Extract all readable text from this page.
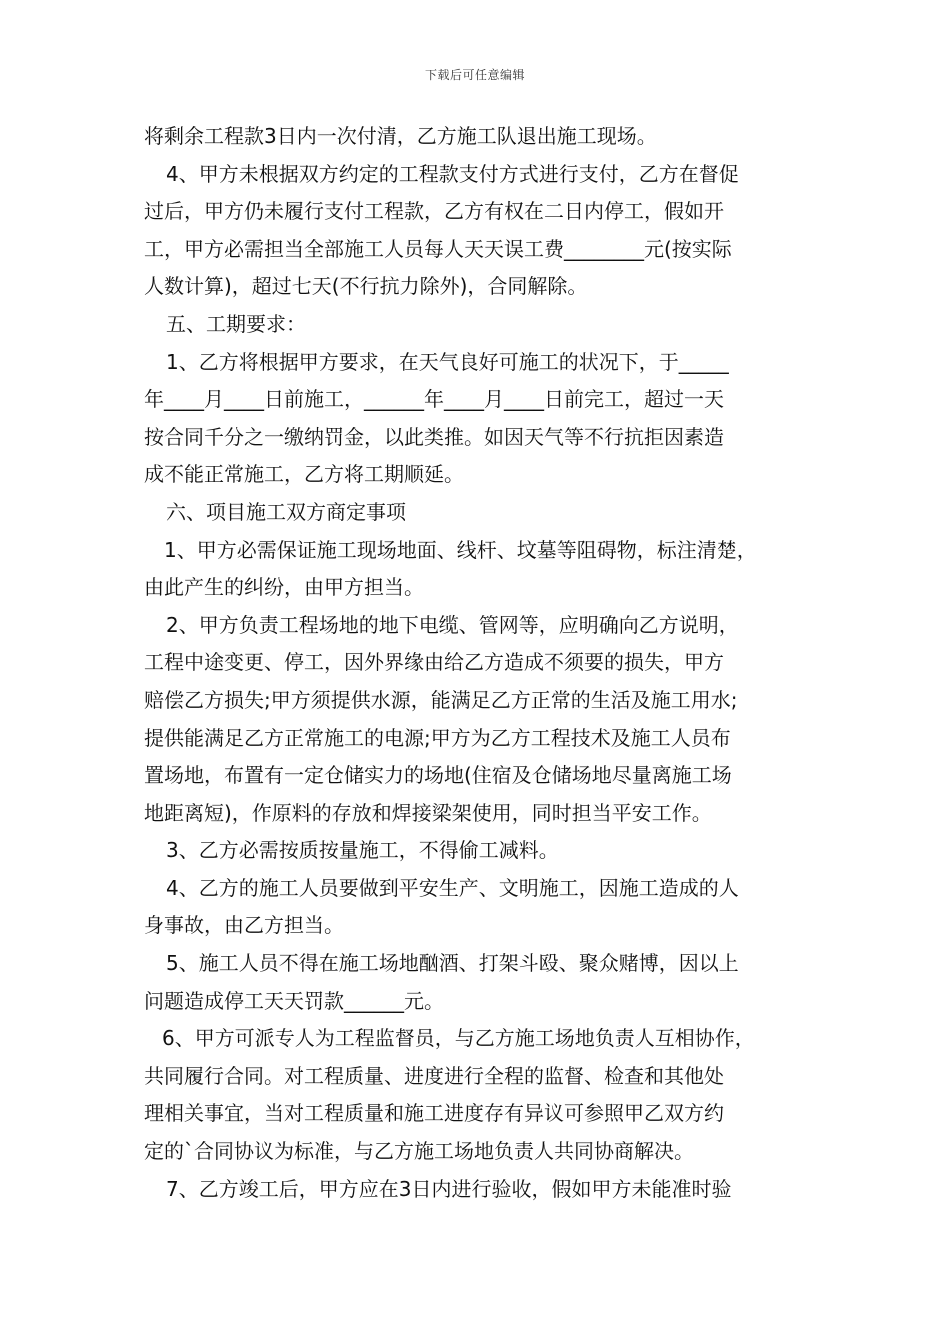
下载后可任意编辑
将剩余工程款3日内一次付清，乙方施工队退出施工现场。
4、甲方未根据双方约定的工程款支付方式进行支付，乙方在督促
过后，甲方仍未履行支付工程款，乙方有权在二日内停工，假如开
工，甲方必需担当全部施工人员每人天天误工费________元(按实际
人数计算)，超过七天(不行抗力除外)，合同解除。
五、工期要求：
1、乙方将根据甲方要求，在天气良好可施工的状况下，于_____
年____月____日前施工，______年____月____日前完工，超过一天
按合同千分之一缴纳罚金，以此类推。如因天气等不行抗拒因素造
成不能正常施工，乙方将工期顺延。
六、项目施工双方商定事项
1、甲方必需保证施工现场地面、线杆、坟墓等阻碍物，标注清楚，
由此产生的纠纷，由甲方担当。
2、甲方负责工程场地的地下电缆、管网等，应明确向乙方说明，
工程中途变更、停工，因外界缘由给乙方造成不须要的损失，甲方
赔偿乙方损失;甲方须提供水源，能满足乙方正常的生活及施工用水;
提供能满足乙方正常施工的电源;甲方为乙方工程技术及施工人员布
置场地，布置有一定仓储实力的场地(住宿及仓储场地尽量离施工场
地距离短)，作原料的存放和焊接梁架使用，同时担当平安工作。
3、乙方必需按质按量施工，不得偷工减料。
4、乙方的施工人员要做到平安生产、文明施工，因施工造成的人
身事故，由乙方担当。
5、施工人员不得在施工场地酗酒、打架斗殴、聚众赌博，因以上
问题造成停工天天罚款______元。
6、甲方可派专人为工程监督员，与乙方施工场地负责人互相协作，
共同履行合同。对工程质量、进度进行全程的监督、检查和其他处
理相关事宜，当对工程质量和施工进度存有异议可参照甲乙双方约
定的`合同协议为标准，与乙方施工场地负责人共同协商解决。
7、乙方竣工后，甲方应在3日内进行验收，假如甲方未能准时验
